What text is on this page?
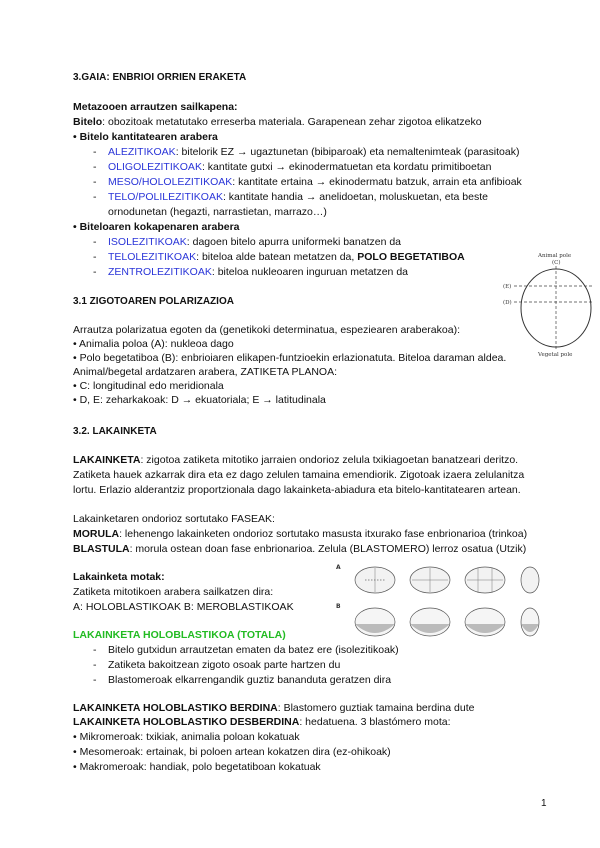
3.GAIA: ENBRIOI ORRIEN ERAKETA
Metazooen arrautzen sailkapena:
Bitelo: obozitoak metatutako erreserba materiala. Garapenean zehar zigotoa elikatzeko
• Bitelo kantitatearen arabera
- ALEZITIKOAK: bitelorik EZ → ugaztunetan (bibiparoak) eta nemaltenimteak (parasitoak)
- OLIGOLEZITIKOAK: kantitate gutxi → ekinodermatuetan eta kordatu primitiboetan
- MESO/HOLOLEZITIKOAK: kantitate ertaina → ekinodermatu batzuk, arrain eta anfibioak
- TELO/POLILEZITIKOAK: kantitate handia → anelidoetan, moluskuetan, eta beste
ornodunetan (hegazti, narrastietan, marrazo…)
• Biteloaren kokapenaren arabera
- ISOLEZITIKOAK: dagoen bitelo apurra uniformeki banatzen da
- TELOLEZITIKOAK: biteloa alde batean metatzen da, POLO BEGETATIBOA
- ZENTROLEZITIKOAK: biteloa nukleoaren inguruan metatzen da
3.1 ZIGOTOAREN POLARIZAZIOA
Arrautza polarizatua egoten da (genetikoki determinatua, espeziearen araberakoa):
• Animalia poloa (A): nukleoa dago
• Polo begetatiboa (B): enbrioiaren elikapen-funtzioekin erlazionatuta. Biteloa daraman aldea.
Animal/begetal ardatzaren arabera, ZATIKETA PLANOA:
• C: longitudinal edo meridionala
• D, E: zeharkakoak: D → ekuatoriala; E → latitudinala
Animal pole
(C)
(E)
(D)
Vegetal pole
3.2. LAKAINKETA
LAKAINKETA: zigotoa zatiketa mitotiko jarraien ondorioz zelula txikiagoetan banatzeari deritzo.
Zatiketa hauek azkarrak dira eta ez dago zelulen tamaina emendiorik. Zigotoak izaera zelulanitza
lortu. Erlazio alderantziz proportzionala dago lakainketa-abiadura eta bitelo-kantitatearen artean.
Lakainketaren ondorioz sortutako FASEAK:
MORULA: lehenengo lakainketen ondorioz sortutako masusta itxurako fase enbrionarioa (trinkoa)
BLASTULA: morula ostean doan fase enbrionarioa. Zelula (BLASTOMERO) lerroz osatua (Utzik)
Lakainketa motak:
Zatiketa mitotikoen arabera sailkatzen dira:
A: HOLOBLASTIKOAK B: MEROBLASTIKOAK
A
B
LAKAINKETA HOLOBLASTIKOA (TOTALA)
- Bitelo gutxidun arrautzetan ematen da batez ere (isolezitikoak)
- Zatiketa bakoitzean zigoto osoak parte hartzen du
- Blastomeroak elkarrengandik guztiz bananduta geratzen dira
LAKAINKETA HOLOBLASTIKO BERDINA: Blastomero guztiak tamaina berdina dute
LAKAINKETA HOLOBLASTIKO DESBERDINA: hedatuena. 3 blastómero mota:
• Mikromeroak: txikiak, animalia poloan kokatuak
• Mesomeroak: ertainak, bi poloen artean kokatzen dira (ez-ohikoak)
• Makromeroak: handiak, polo begetatiboan kokatuak
1
